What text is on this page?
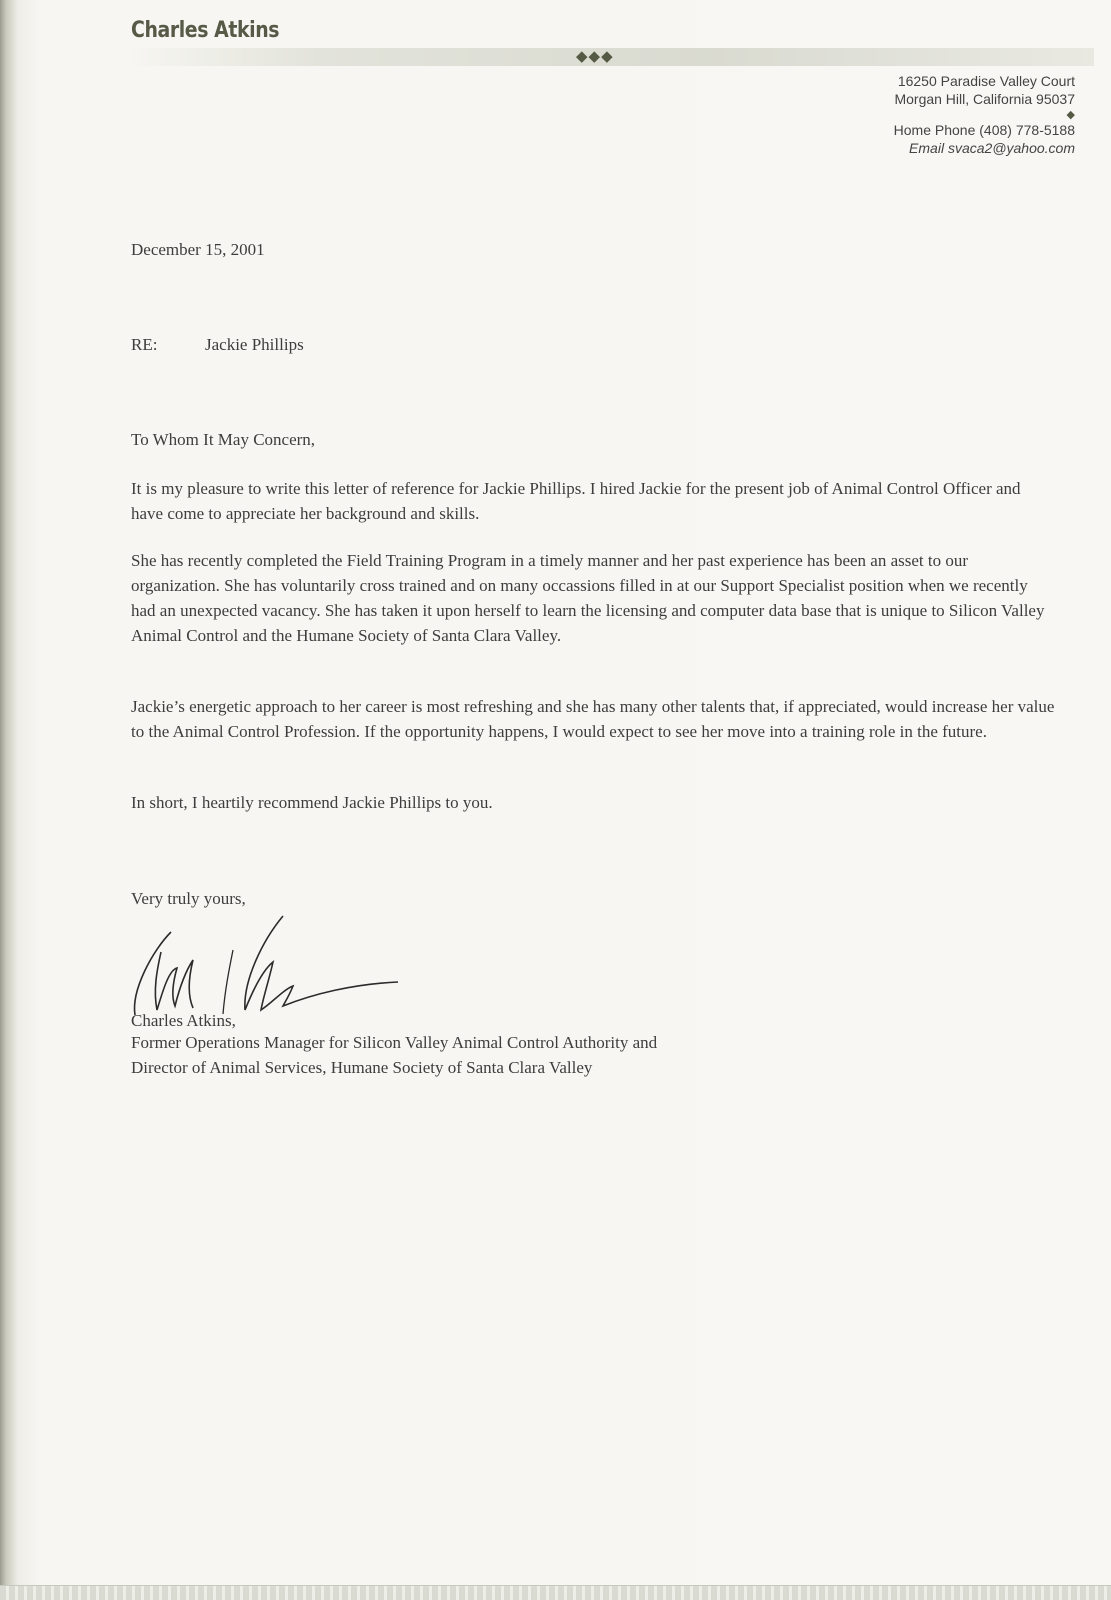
Charles Atkins
◆◆◆
16250 Paradise Valley Court
Morgan Hill, California 95037
◆
Home Phone (408) 778-5188
Email svaca2@yahoo.com
December 15, 2001
RE:	Jackie Phillips
To Whom It May Concern,
It is my pleasure to write this letter of reference for Jackie Phillips. I hired Jackie for the present job of Animal Control Officer and have come to appreciate her background and skills.
She has recently completed the Field Training Program in a timely manner and her past experience has been an asset to our organization. She has voluntarily cross trained and on many occassions filled in at our Support Specialist position when we recently had an unexpected vacancy. She has taken it upon herself to learn the licensing and computer data base that is unique to Silicon Valley Animal Control and the Humane Society of Santa Clara Valley.
Jackie’s energetic approach to her career is most refreshing and she has many other talents that, if appreciated, would increase her value to the Animal Control Profession. If the opportunity happens, I would expect to see her move into a training role in the future.
In short, I heartily recommend Jackie Phillips to you.
Very truly yours,
Charles Atkins,
Former Operations Manager for Silicon Valley Animal Control Authority and
Director of Animal Services, Humane Society of Santa Clara Valley
